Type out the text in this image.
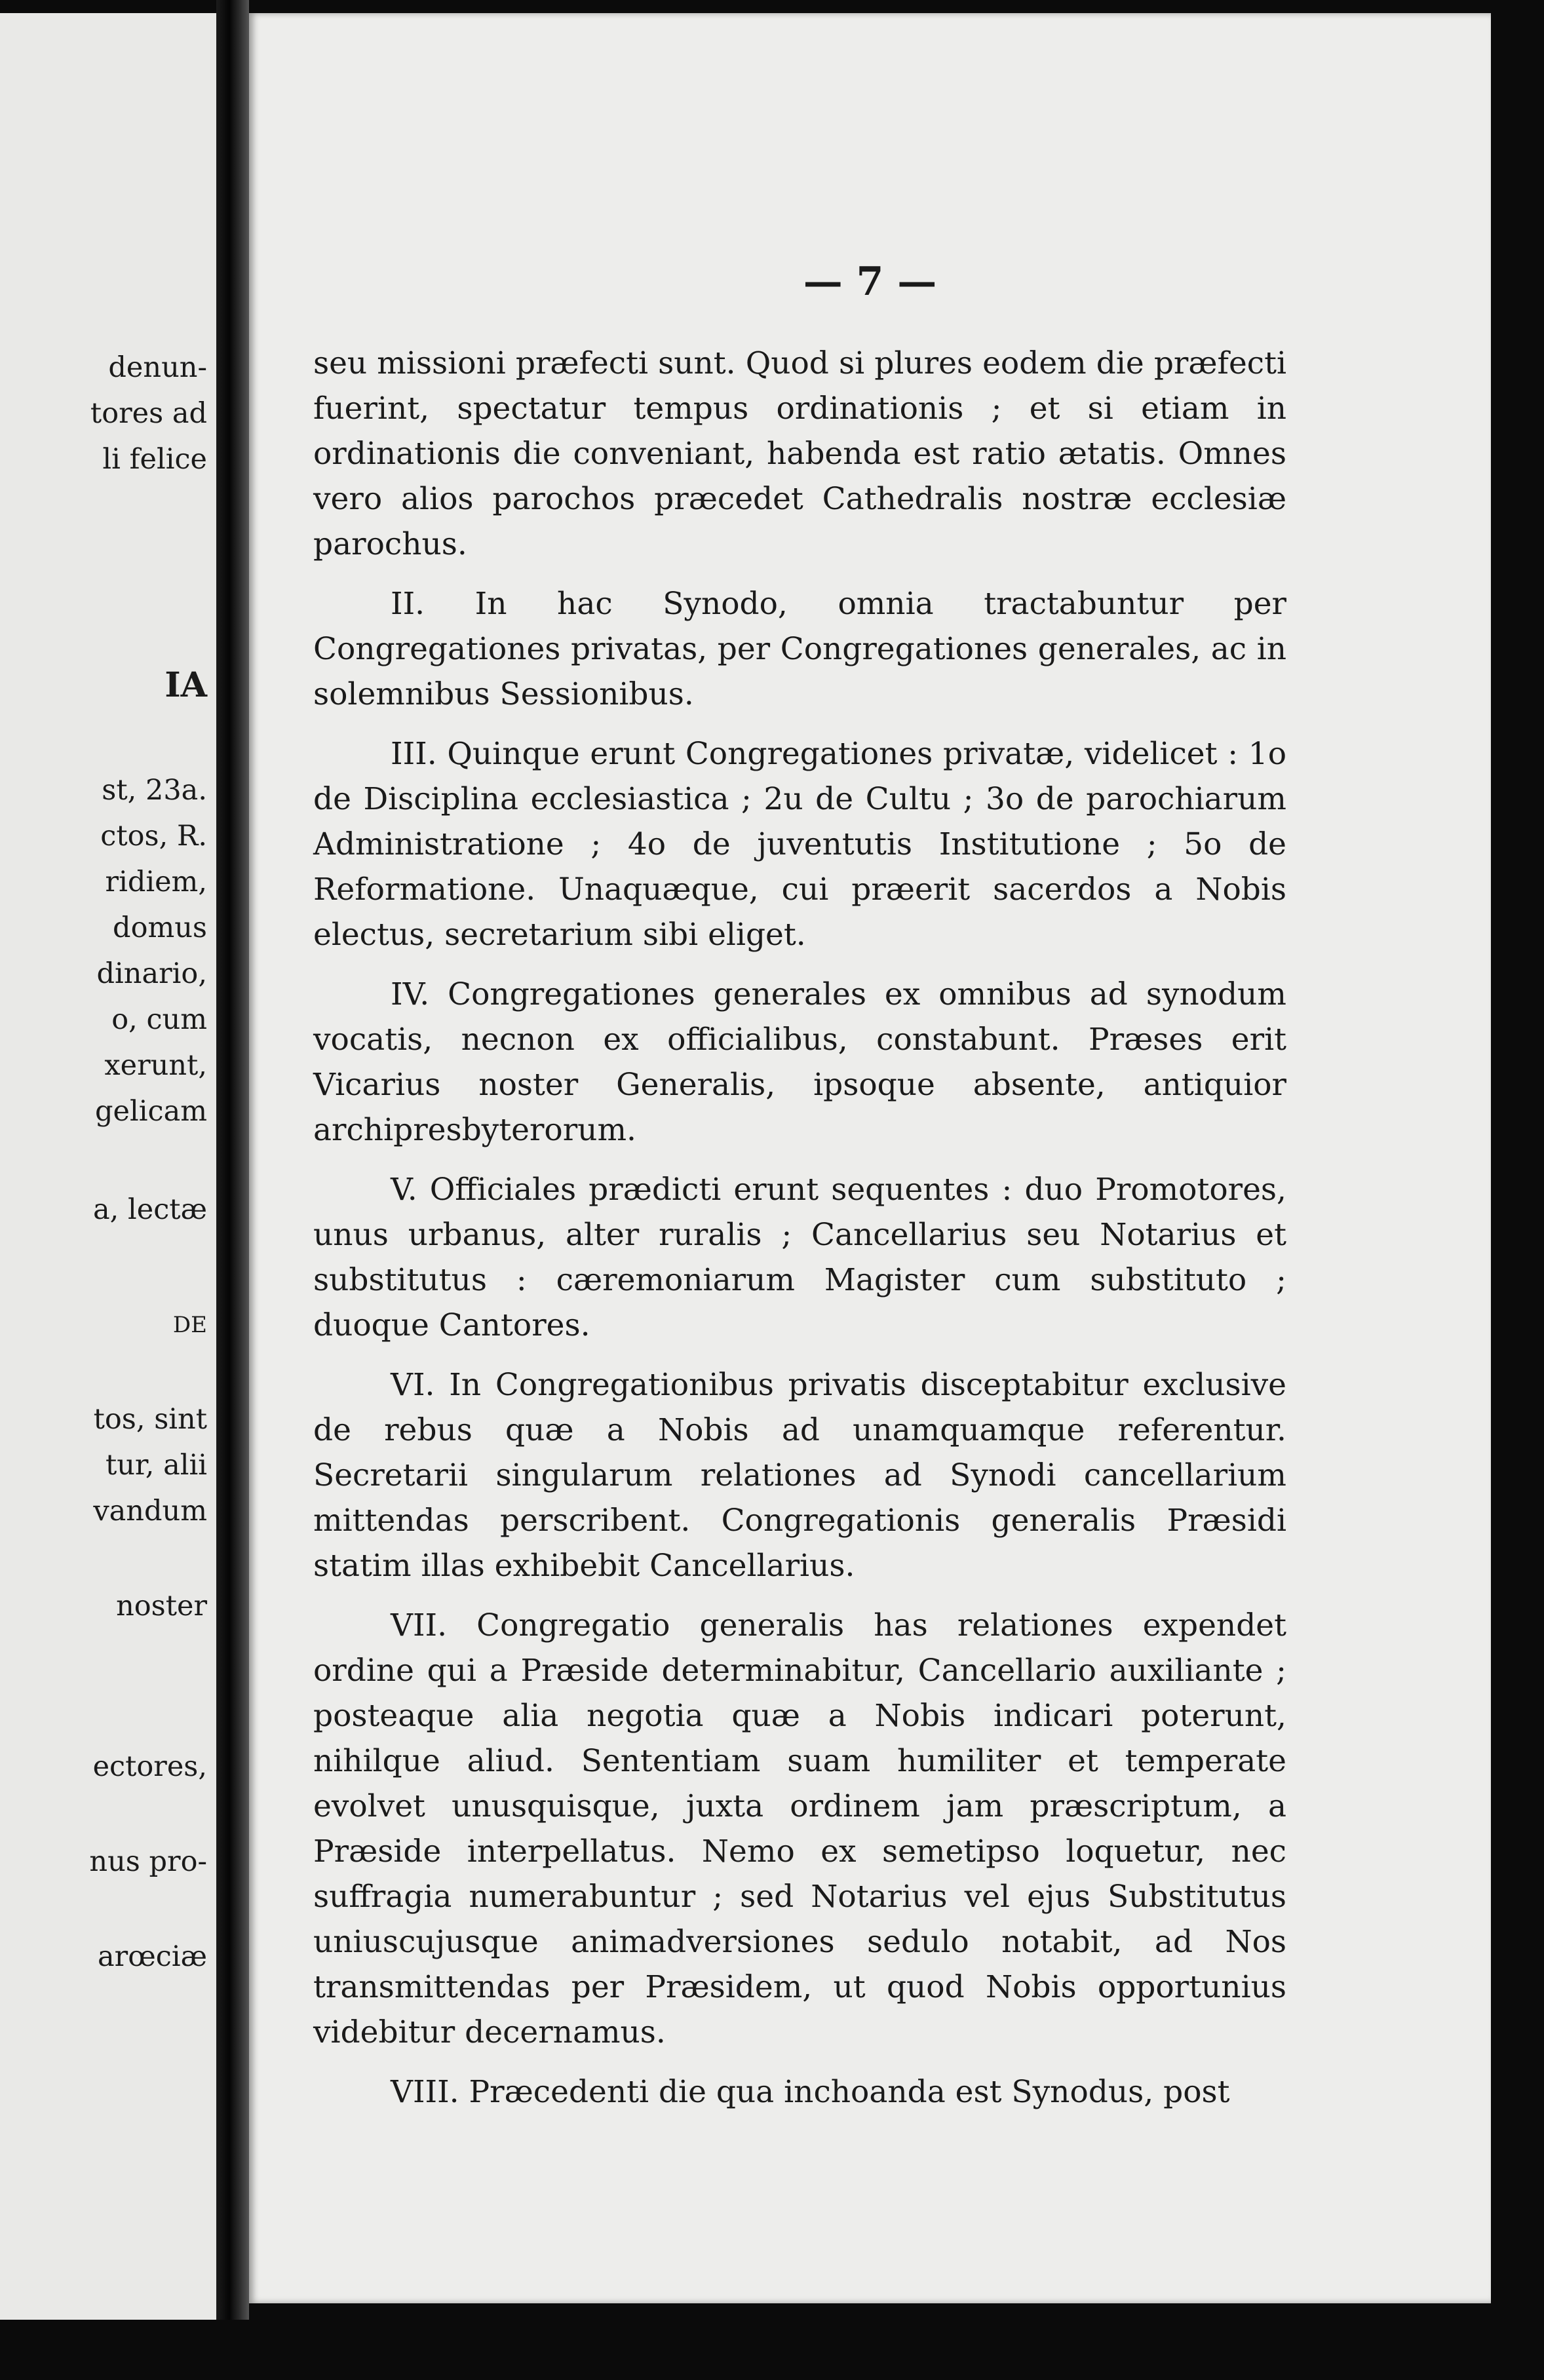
denun-
tores ad
li felice
IA
st, 23a.
ctos, R.
ridiem,
domus
dinario,
o, cum
xerunt,
gelicam
a, lectæ
DE
tos, sint
tur, alii
vandum
noster
ectores,
nus pro-
arœciæ
— 7 —

seu missioni præfecti sunt. Quod si plures eodem die præfecti fuerint, spectatur tempus ordinationis ; et si etiam in ordinationis die conveniant, habenda est ratio ætatis. Omnes vero alios parochos præcedet Cathedralis nostræ ecclesiæ parochus.

II. In hac Synodo, omnia tractabuntur per Congregationes privatas, per Congregationes generales, ac in solemnibus Sessionibus.

III. Quinque erunt Congregationes privatæ, videlicet : 1o de Disciplina ecclesiastica ; 2u de Cultu ; 3o de parochiarum Administratione ; 4o de juventutis Institutione ; 5o de Reformatione. Unaquæque, cui præerit sacerdos a Nobis electus, secretarium sibi eliget.

IV. Congregationes generales ex omnibus ad synodum vocatis, necnon ex officialibus, constabunt. Præses erit Vicarius noster Generalis, ipsoque absente, antiquior archipresbyterorum.

V. Officiales prædicti erunt sequentes : duo Promotores, unus urbanus, alter ruralis ; Cancellarius seu Notarius et substitutus : cæremoniarum Magister cum substituto ; duoque Cantores.

VI. In Congregationibus privatis disceptabitur exclusive de rebus quæ a Nobis ad unamquamque referentur. Secretarii singularum relationes ad Synodi cancellarium mittendas perscribent. Congregationis generalis Præsidi statim illas exhibebit Cancellarius.

VII. Congregatio generalis has relationes expendet ordine qui a Præside determinabitur, Cancellario auxiliante ; posteaque alia negotia quæ a Nobis indicari poterunt, nihilque aliud. Sententiam suam humiliter et temperate evolvet unusquisque, juxta ordinem jam præscriptum, a Præside interpellatus. Nemo ex semetipso loquetur, nec suffragia numerabuntur ; sed Notarius vel ejus Substitutus uniuscujusque animadversiones sedulo notabit, ad Nos transmittendas per Præsidem, ut quod Nobis opportunius videbitur decernamus.

VIII. Præcedenti die qua inchoanda est Synodus, post
